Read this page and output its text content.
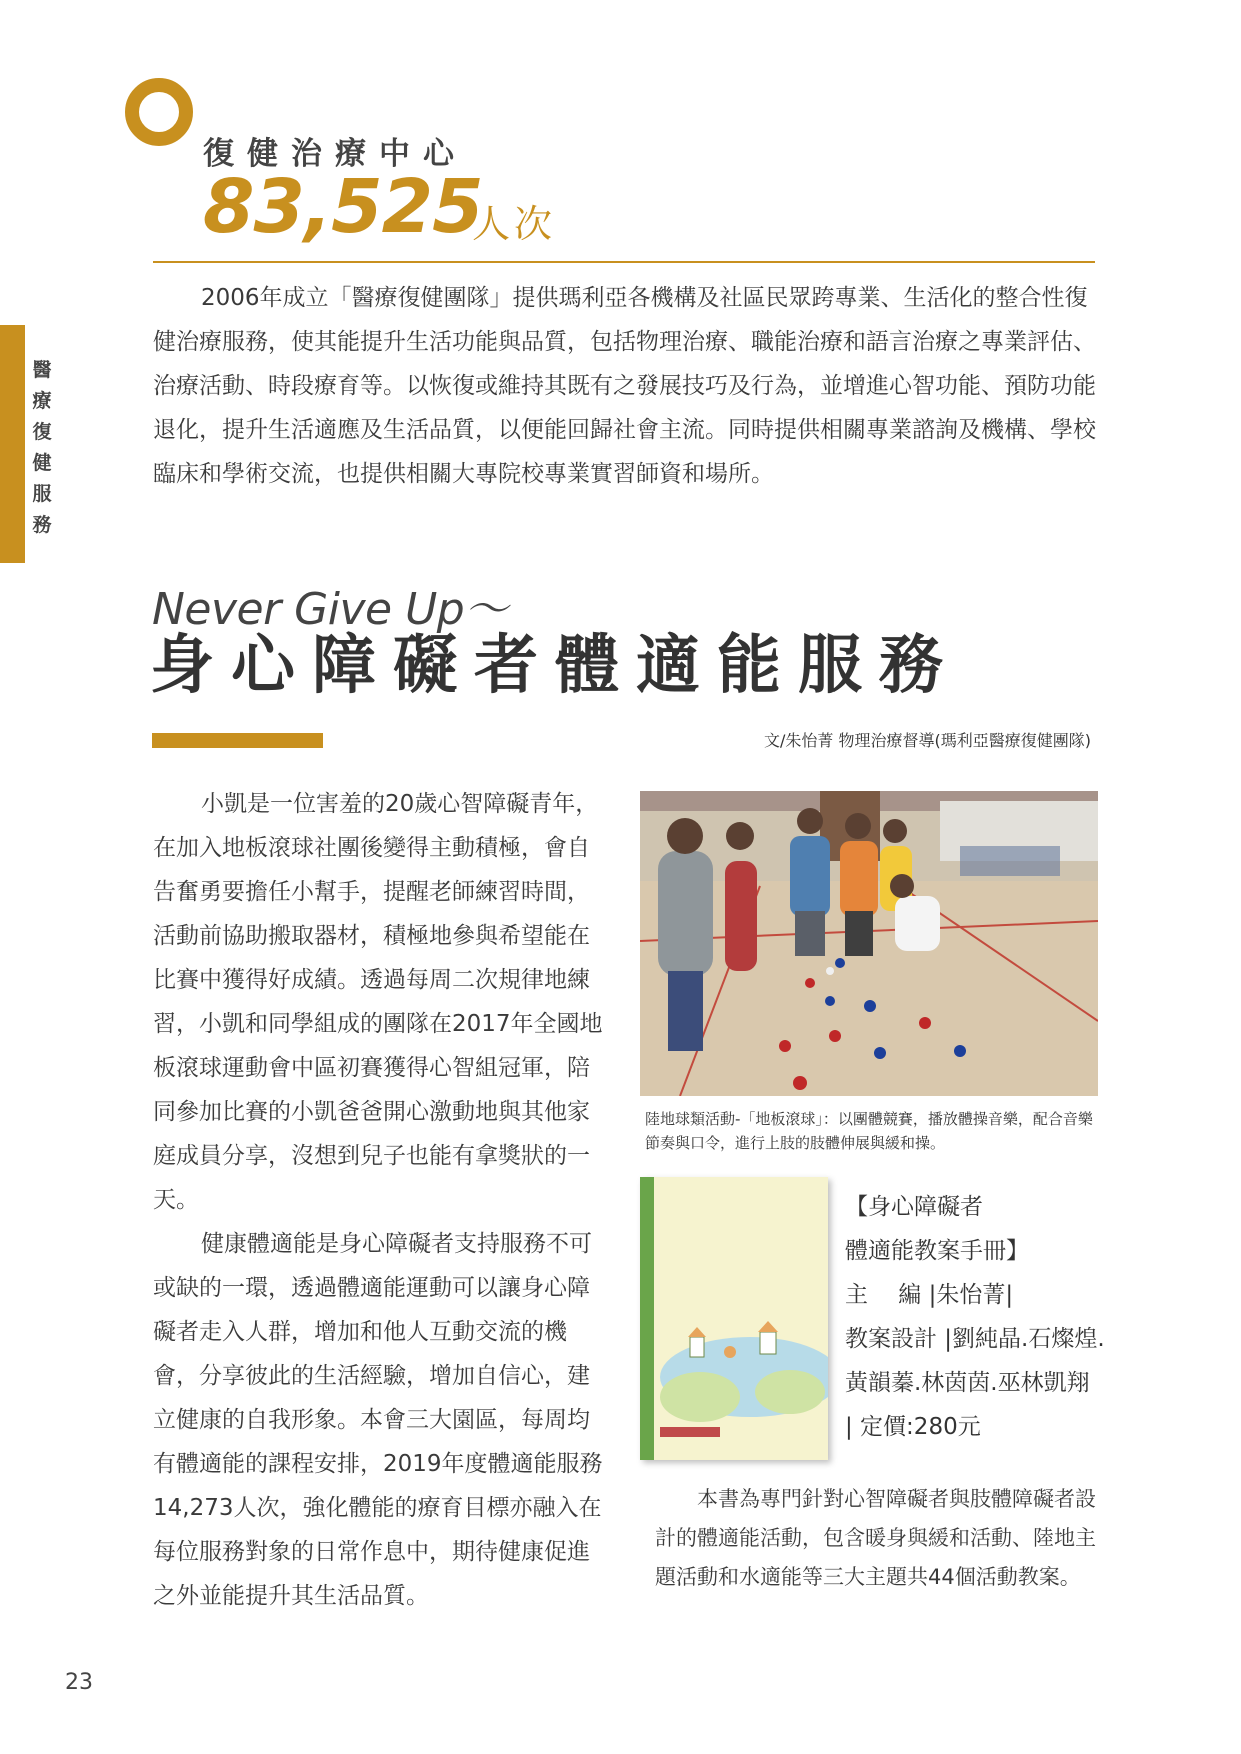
復健治療中心
83,525
人次
醫
療
復
健
服
務

2006年成立「醫療復健團隊」提供瑪利亞各機構及社區民眾跨專業、生活化的整合性復健治療服務，使其能提升生活功能與品質，包括物理治療、職能治療和語言治療之專業評估、治療活動、時段療育等。以恢復或維持其既有之發展技巧及行為，並增進心智功能、預防功能退化，提升生活適應及生活品質，以便能回歸社會主流。同時提供相關專業諮詢及機構、學校臨床和學術交流，也提供相關大專院校專業實習師資和場所。

Never Give Up～
身心障礙者體適能服務
文/朱怡菁 物理治療督導(瑪利亞醫療復健團隊)

小凱是一位害羞的20歲心智障礙青年，在加入地板滾球社團後變得主動積極，會自告奮勇要擔任小幫手，提醒老師練習時間，活動前協助搬取器材，積極地參與希望能在比賽中獲得好成績。透過每周二次規律地練習，小凱和同學組成的團隊在2017年全國地板滾球運動會中區初賽獲得心智組冠軍，陪同參加比賽的小凱爸爸開心激動地與其他家庭成員分享，沒想到兒子也能有拿獎狀的一天。

健康體適能是身心障礙者支持服務不可或缺的一環，透過體適能運動可以讓身心障礙者走入人群，增加和他人互動交流的機會，分享彼此的生活經驗，增加自信心，建立健康的自我形象。本會三大園區，每周均有體適能的課程安排，2019年度體適能服務14,273人次，強化體能的療育目標亦融入在每位服務對象的日常作息中，期待健康促進之外並能提升其生活品質。

陸地球類活動-「地板滾球」：以團體競賽，播放體操音樂，配合音樂節奏與口令，進行上肢的肢體伸展與緩和操。
【身心障礙者
體適能教案手冊】
主　 編 |朱怡菁|
教案設計 |劉純晶.石燦煌.
黃韻蓁.林茵茵.巫林凱翔
| 定價:280元

本書為專門針對心智障礙者與肢體障礙者設計的體適能活動，包含暖身與緩和活動、陸地主題活動和水適能等三大主題共44個活動教案。

23
